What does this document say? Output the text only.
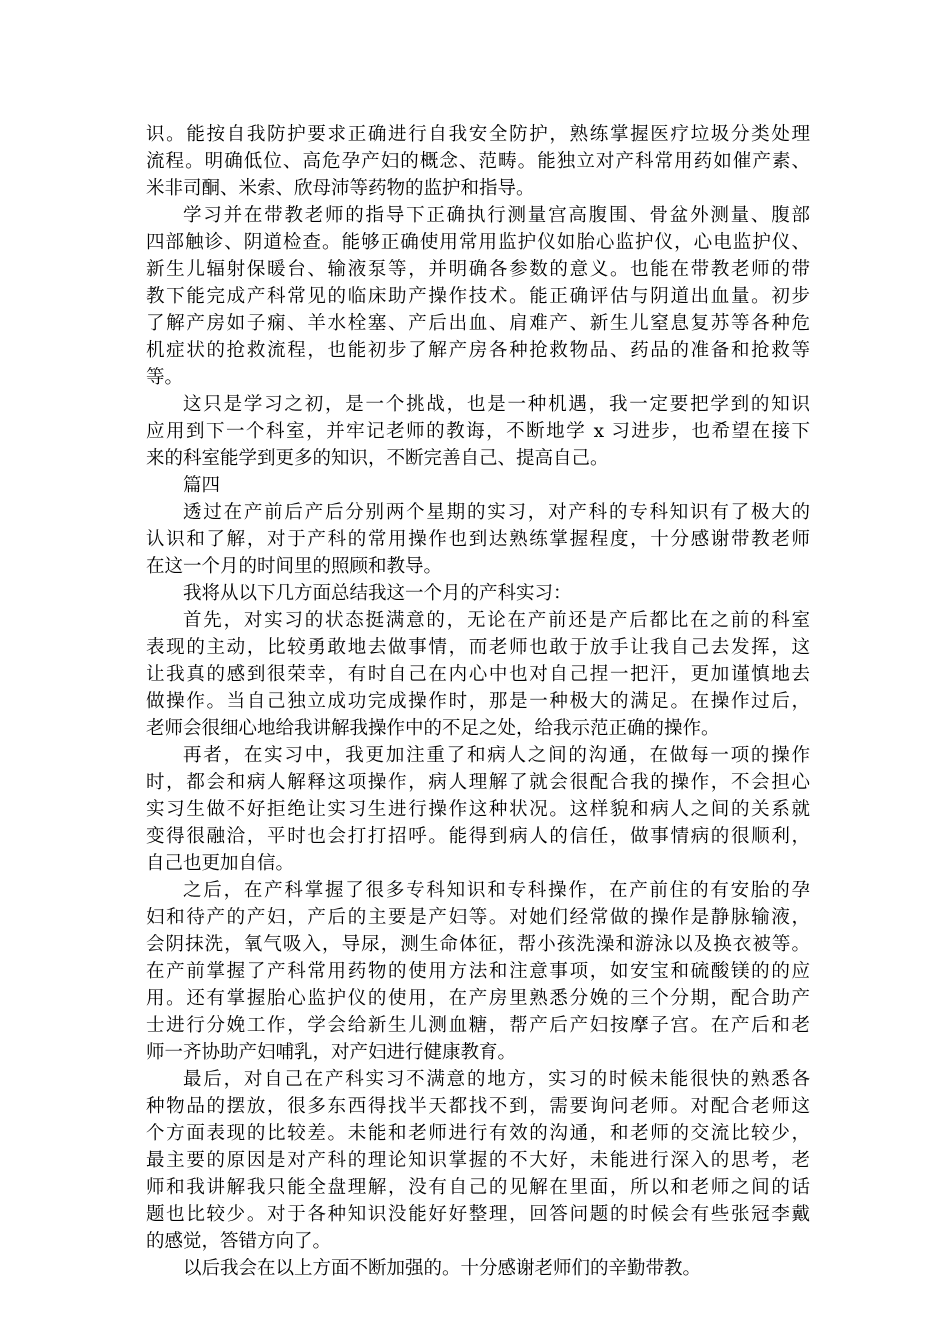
识。能按自我防护要求正确进行自我安全防护，熟练掌握医疗垃圾分类处理
流程。明确低位、高危孕产妇的概念、范畴。能独立对产科常用药如催产素、
米非司酮、米索、欣母沛等药物的监护和指导。
学习并在带教老师的指导下正确执行测量宫高腹围、骨盆外测量、腹部
四部触诊、阴道检查。能够正确使用常用监护仪如胎心监护仪，心电监护仪、
新生儿辐射保暖台、输液泵等，并明确各参数的意义。也能在带教老师的带
教下能完成产科常见的临床助产操作技术。能正确评估与阴道出血量。初步
了解产房如子痫、羊水栓塞、产后出血、肩难产、新生儿窒息复苏等各种危
机症状的抢救流程，也能初步了解产房各种抢救物品、药品的准备和抢救等
等。
这只是学习之初，是一个挑战，也是一种机遇，我一定要把学到的知识
应用到下一个科室，并牢记老师的教诲，不断地学 x 习进步，也希望在接下
来的科室能学到更多的知识，不断完善自己、提高自己。
篇四
透过在产前后产后分别两个星期的实习，对产科的专科知识有了极大的
认识和了解，对于产科的常用操作也到达熟练掌握程度，十分感谢带教老师
在这一个月的时间里的照顾和教导。
我将从以下几方面总结我这一个月的产科实习：
首先，对实习的状态挺满意的，无论在产前还是产后都比在之前的科室
表现的主动，比较勇敢地去做事情，而老师也敢于放手让我自己去发挥，这
让我真的感到很荣幸，有时自己在内心中也对自己捏一把汗，更加谨慎地去
做操作。当自己独立成功完成操作时，那是一种极大的满足。在操作过后，
老师会很细心地给我讲解我操作中的不足之处，给我示范正确的操作。
再者，在实习中，我更加注重了和病人之间的沟通，在做每一项的操作
时，都会和病人解释这项操作，病人理解了就会很配合我的操作，不会担心
实习生做不好拒绝让实习生进行操作这种状况。这样貌和病人之间的关系就
变得很融洽，平时也会打打招呼。能得到病人的信任，做事情病的很顺利，
自己也更加自信。
之后，在产科掌握了很多专科知识和专科操作，在产前住的有安胎的孕
妇和待产的产妇，产后的主要是产妇等。对她们经常做的操作是静脉输液，
会阴抹洗，氧气吸入，导尿，测生命体征，帮小孩洗澡和游泳以及换衣被等。
在产前掌握了产科常用药物的使用方法和注意事项，如安宝和硫酸镁的的应
用。还有掌握胎心监护仪的使用，在产房里熟悉分娩的三个分期，配合助产
士进行分娩工作，学会给新生儿测血糖，帮产后产妇按摩子宫。在产后和老
师一齐协助产妇哺乳，对产妇进行健康教育。
最后，对自己在产科实习不满意的地方，实习的时候未能很快的熟悉各
种物品的摆放，很多东西得找半天都找不到，需要询问老师。对配合老师这
个方面表现的比较差。未能和老师进行有效的沟通，和老师的交流比较少，
最主要的原因是对产科的理论知识掌握的不大好，未能进行深入的思考，老
师和我讲解我只能全盘理解，没有自己的见解在里面，所以和老师之间的话
题也比较少。对于各种知识没能好好整理，回答问题的时候会有些张冠李戴
的感觉，答错方向了。
以后我会在以上方面不断加强的。十分感谢老师们的辛勤带教。
